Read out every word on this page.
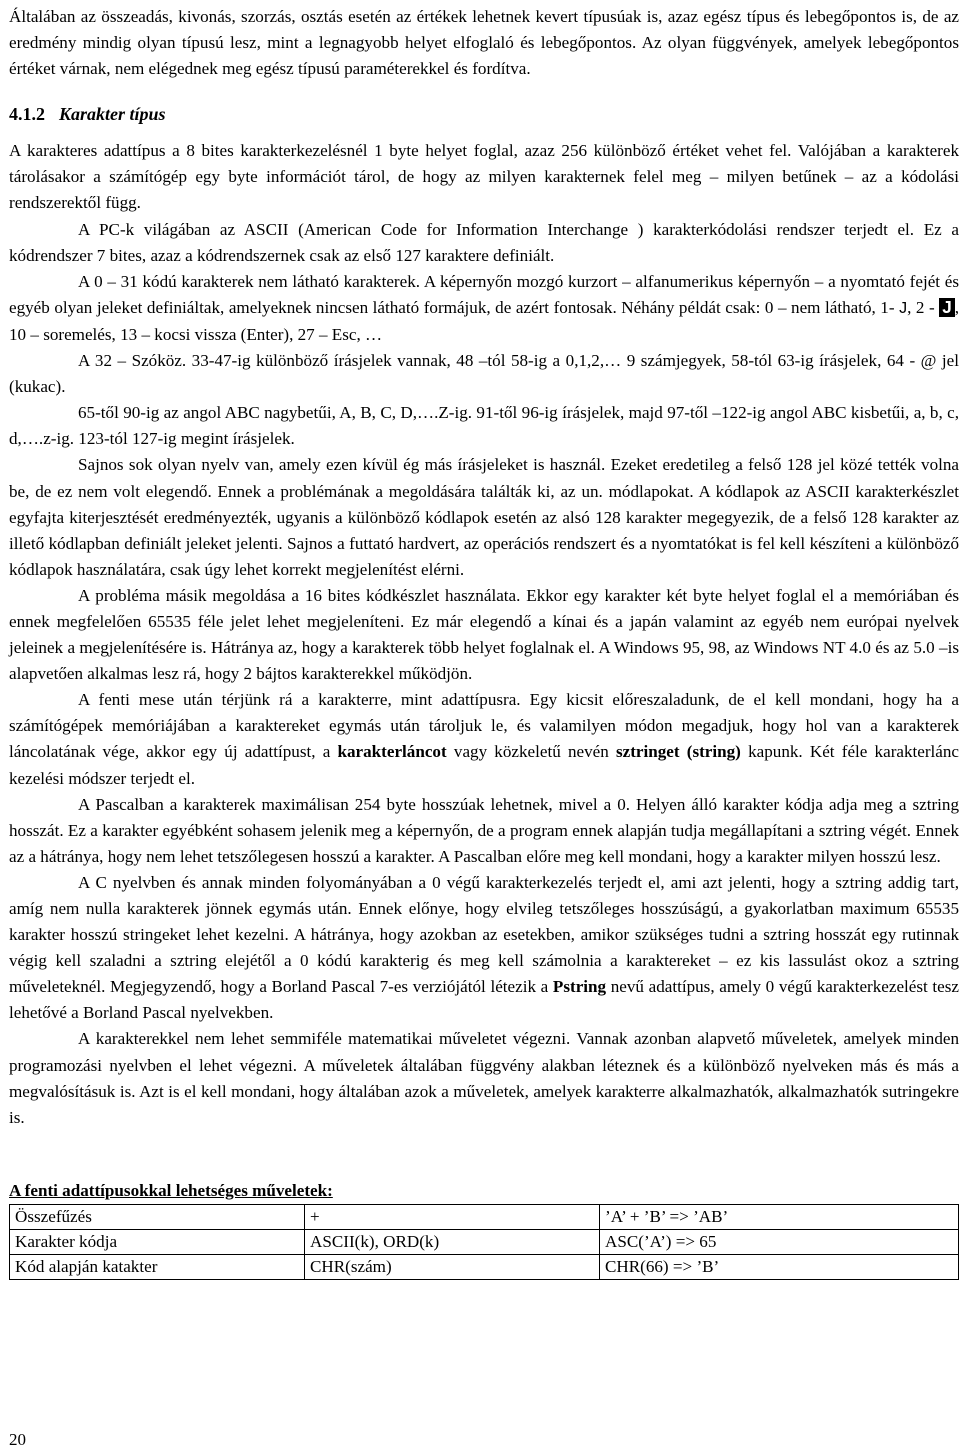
Általában az összeadás, kivonás, szorzás, osztás esetén az értékek lehetnek kevert típusúak is, azaz egész típus és lebegőpontos is, de az eredmény mindig olyan típusú lesz, mint a legnagyobb helyet elfoglaló és lebegőpontos. Az olyan függvények, amelyek lebegőpontos értéket várnak, nem elégednek meg egész típusú paraméterekkel és fordítva.

4.1.2 Karakter típus

A karakteres adattípus a 8 bites karakterkezelésnél 1 byte helyet foglal, azaz 256 különböző értéket vehet fel. Valójában a karakterek tárolásakor a számítógép egy byte információt tárol, de hogy az milyen karakternek felel meg – milyen betűnek – az a kódolási rendszerektől függ.

A PC-k világában az ASCII (American Code for Information Interchange ) karakterkódolási rendszer terjedt el. Ez a kódrendszer 7 bites, azaz a kódrendszernek csak az első 127 karaktere definiált.

A 0 – 31 kódú karakterek nem látható karakterek. A képernyőn mozgó kurzort – alfanumerikus képernyőn – a nyomtató fejét és egyéb olyan jeleket definiáltak, amelyeknek nincsen látható formájuk, de azért fontosak. Néhány példát csak: 0 – nem látható, 1- J, 2 - J , 10 – soremelés, 13 – kocsi vissza (Enter), 27 – Esc, …

A 32 – Szóköz. 33-47-ig különböző írásjelek vannak, 48 –tól 58-ig a 0,1,2,… 9 számjegyek, 58-tól 63-ig írásjelek, 64 - @ jel (kukac).

65-től 90-ig az angol ABC nagybetűi, A, B, C, D,….Z-ig. 91-től 96-ig írásjelek, majd 97-től –122-ig angol ABC kisbetűi, a, b, c, d,….z-ig. 123-tól 127-ig megint írásjelek.

Sajnos sok olyan nyelv van, amely ezen kívül ég más írásjeleket is használ. Ezeket eredetileg a felső 128 jel közé tették volna be, de ez nem volt elegendő. Ennek a problémának a megoldására találták ki, az un. módlapokat. A kódlapok az ASCII karakterkészlet egyfajta kiterjesztését eredményezték, ugyanis a különböző kódlapok esetén az alsó 128 karakter megegyezik, de a felső 128 karakter az illető kódlapban definiált jeleket jelenti. Sajnos a futtató hardvert, az operációs rendszert és a nyomtatókat is fel kell készíteni a különböző kódlapok használatára, csak úgy lehet korrekt megjelenítést elérni.

A probléma másik megoldása a 16 bites kódkészlet használata. Ekkor egy karakter két byte helyet foglal el a memóriában és ennek megfelelően 65535 féle jelet lehet megjeleníteni. Ez már elegendő a kínai és a japán valamint az egyéb nem európai nyelvek jeleinek a megjelenítésére is. Hátránya az, hogy a karakterek több helyet foglalnak el. A Windows 95, 98, az Windows NT 4.0 és az 5.0 –is alapvetően alkalmas lesz rá, hogy 2 bájtos karakterekkel működjön.

A fenti mese után térjünk rá a karakterre, mint adattípusra. Egy kicsit előreszaladunk, de el kell mondani, hogy ha a számítógépek memóriájában a karaktereket egymás után tároljuk le, és valamilyen módon megadjuk, hogy hol van a karakterek láncolatának vége, akkor egy új adattípust, a karakterláncot vagy közkeletű nevén sztringet (string) kapunk. Két féle karakterlánc kezelési módszer terjedt el.

A Pascalban a karakterek maximálisan 254 byte hosszúak lehetnek, mivel a 0. Helyen álló karakter kódja adja meg a sztring hosszát. Ez a karakter egyébként sohasem jelenik meg a képernyőn, de a program ennek alapján tudja megállapítani a sztring végét. Ennek az a hátránya, hogy nem lehet tetszőlegesen hosszú a karakter. A Pascalban előre meg kell mondani, hogy a karakter milyen hosszú lesz.

A C nyelvben és annak minden folyományában a 0 végű karakterkezelés terjedt el, ami azt jelenti, hogy a sztring addig tart, amíg nem nulla karakterek jönnek egymás után. Ennek előnye, hogy elvileg tetszőleges hosszúságú, a gyakorlatban maximum 65535 karakter hosszú stringeket lehet kezelni. A hátránya, hogy azokban az esetekben, amikor szükséges tudni a sztring hosszát egy rutinnak végig kell szaladni a sztring elejétől a 0 kódú karakterig és meg kell számolnia a karaktereket – ez kis lassulást okoz a sztring műveleteknél. Megjegyzendő, hogy a Borland Pascal 7-es verziójától létezik a Pstring nevű adattípus, amely 0 végű karakterkezelést tesz lehetővé a Borland Pascal nyelvekben.

A karakterekkel nem lehet semmiféle matematikai műveletet végezni. Vannak azonban alapvető műveletek, amelyek minden programozási nyelvben el lehet végezni. A műveletek általában függvény alakban léteznek és a különböző nyelveken más és más a megvalósításuk is. Azt is el kell mondani, hogy általában azok a műveletek, amelyek karakterre alkalmazhatók, alkalmazhatók sutringekre is.

A fenti adattípusokkal lehetséges műveletek:
Összefűzés	+	’A’ + ’B’ => ’AB’
Karakter kódja	ASCII(k), ORD(k)	ASC(’A’) => 65
Kód alapján katakter	CHR(szám)	CHR(66) => ’B’
20
